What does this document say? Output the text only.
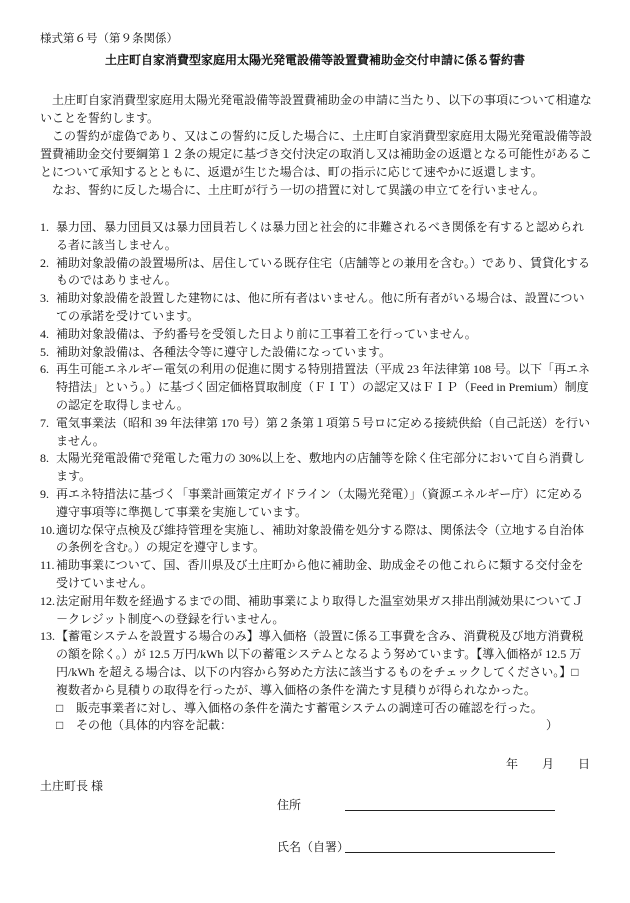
様式第６号（第９条関係）
土庄町自家消費型家庭用太陽光発電設備等設置費補助金交付申請に係る誓約書

土庄町自家消費型家庭用太陽光発電設備等設置費補助金の申請に当たり、以下の事項について相違ないことを誓約します。

この誓約が虚偽であり、又はこの誓約に反した場合に、土庄町自家消費型家庭用太陽光発電設備等設置費補助金交付要綱第１２条の規定に基づき交付決定の取消し又は補助金の返還となる可能性があることについて承知するとともに、返還が生じた場合は、町の指示に応じて速やかに返還します。

なお、誓約に反した場合に、土庄町が行う一切の措置に対して異議の申立てを行いません。

1. 暴力団、暴力団員又は暴力団員若しくは暴力団と社会的に非難されるべき関係を有すると認められる者に該当しません。
2. 補助対象設備の設置場所は、居住している既存住宅（店舗等との兼用を含む。）であり、賃貸化するものではありません。
3. 補助対象設備を設置した建物には、他に所有者はいません。他に所有者がいる場合は、設置についての承諾を受けています。
4. 補助対象設備は、予約番号を受領した日より前に工事着工を行っていません。
5. 補助対象設備は、各種法令等に遵守した設備になっています。
6. 再生可能エネルギー電気の利用の促進に関する特別措置法（平成 23 年法律第 108 号。以下「再エネ特措法」という。）に基づく固定価格買取制度（ＦＩＴ）の認定又はＦＩＰ（Feed in Premium）制度の認定を取得しません。
7. 電気事業法（昭和 39 年法律第 170 号）第２条第１項第５号ロに定める接続供給（自己託送）を行いません。
8. 太陽光発電設備で発電した電力の 30%以上を、敷地内の店舗等を除く住宅部分において自ら消費します。
9. 再エネ特措法に基づく「事業計画策定ガイドライン（太陽光発電）」（資源エネルギー庁）に定める遵守事項等に準拠して事業を実施しています。
10. 適切な保守点検及び維持管理を実施し、補助対象設備を処分する際は、関係法令（立地する自治体の条例を含む。）の規定を遵守します。
11. 補助事業について、国、香川県及び土庄町から他に補助金、助成金その他これらに類する交付金を受けていません。
12. 法定耐用年数を経過するまでの間、補助事業により取得した温室効果ガス排出削減効果についてＪ－クレジット制度への登録を行いません。
13. 【蓄電システムを設置する場合のみ】導入価格（設置に係る工事費を含み、消費税及び地方消費税の額を除く。）が 12.5 万円/kWh 以下の蓄電システムとなるよう努めています。【導入価格が 12.5 万円/kWh を超える場合は、以下の内容から努めた方法に該当するものをチェックしてください。】□　複数者から見積りの取得を行ったが、導入価格の条件を満たす見積りが得られなかった。
□	販売事業者に対し、導入価格の条件を満たす蓄電システムの調達可否の確認を行った。
□	その他（具体的内容を記載：	）
年　　月　　日
土庄町長 様
住所
氏名（自署）
